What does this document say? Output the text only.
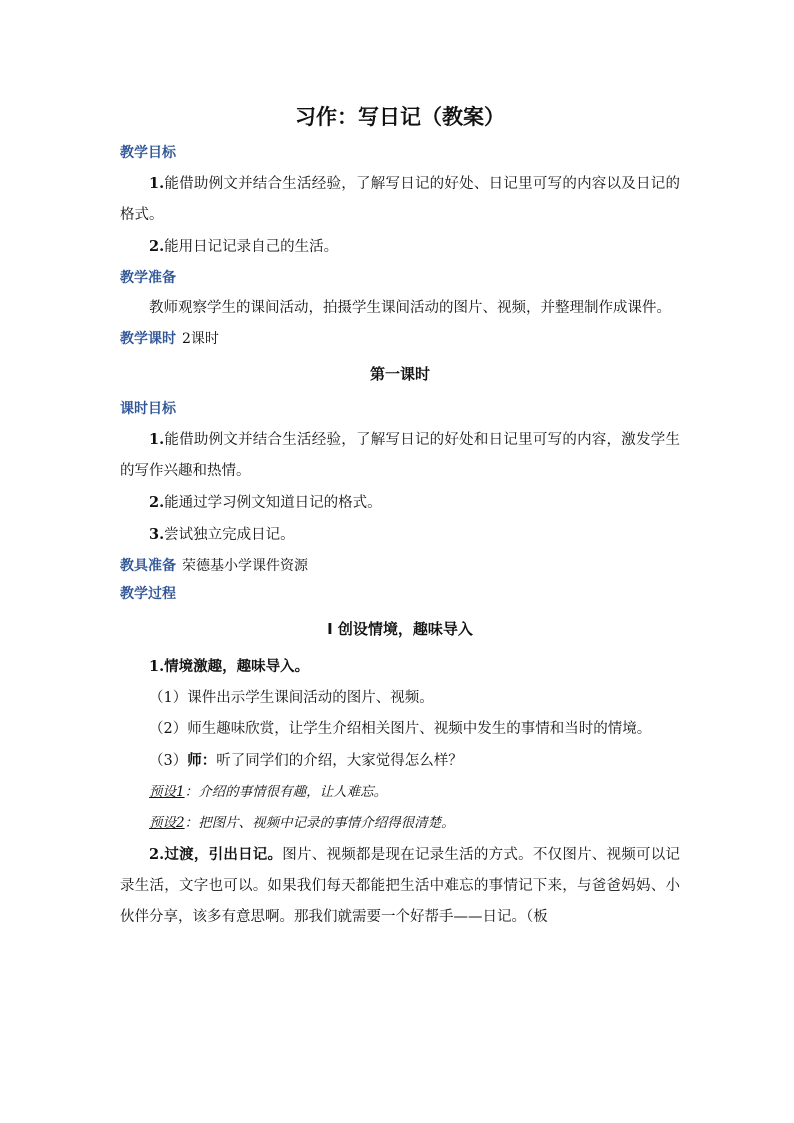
习作：写日记（教案）
教学目标

1.能借助例文并结合生活经验，了解写日记的好处、日记里可写的内容以及日记的格式。

2.能用日记记录自己的生活。

教学准备

教师观察学生的课间活动，拍摄学生课间活动的图片、视频，并整理制作成课件。

教学课时 2课时
第一课时
课时目标

1.能借助例文并结合生活经验，了解写日记的好处和日记里可写的内容，激发学生的写作兴趣和热情。

2.能通过学习例文知道日记的格式。

3.尝试独立完成日记。

教具准备 荣德基小学课件资源
教学过程
Ⅰ 创设情境，趣味导入

1.情境激趣，趣味导入。

（1）课件出示学生课间活动的图片、视频。

（2）师生趣味欣赏，让学生介绍相关图片、视频中发生的事情和当时的情境。

（3）师：听了同学们的介绍，大家觉得怎么样？

预设1：介绍的事情很有趣，让人难忘。

预设2：把图片、视频中记录的事情介绍得很清楚。

2.过渡，引出日记。图片、视频都是现在记录生活的方式。不仅图片、视频可以记录生活，文字也可以。如果我们每天都能把生活中难忘的事情记下来，与爸爸妈妈、小伙伴分享，该多有意思啊。那我们就需要一个好帮手——日记。（板
